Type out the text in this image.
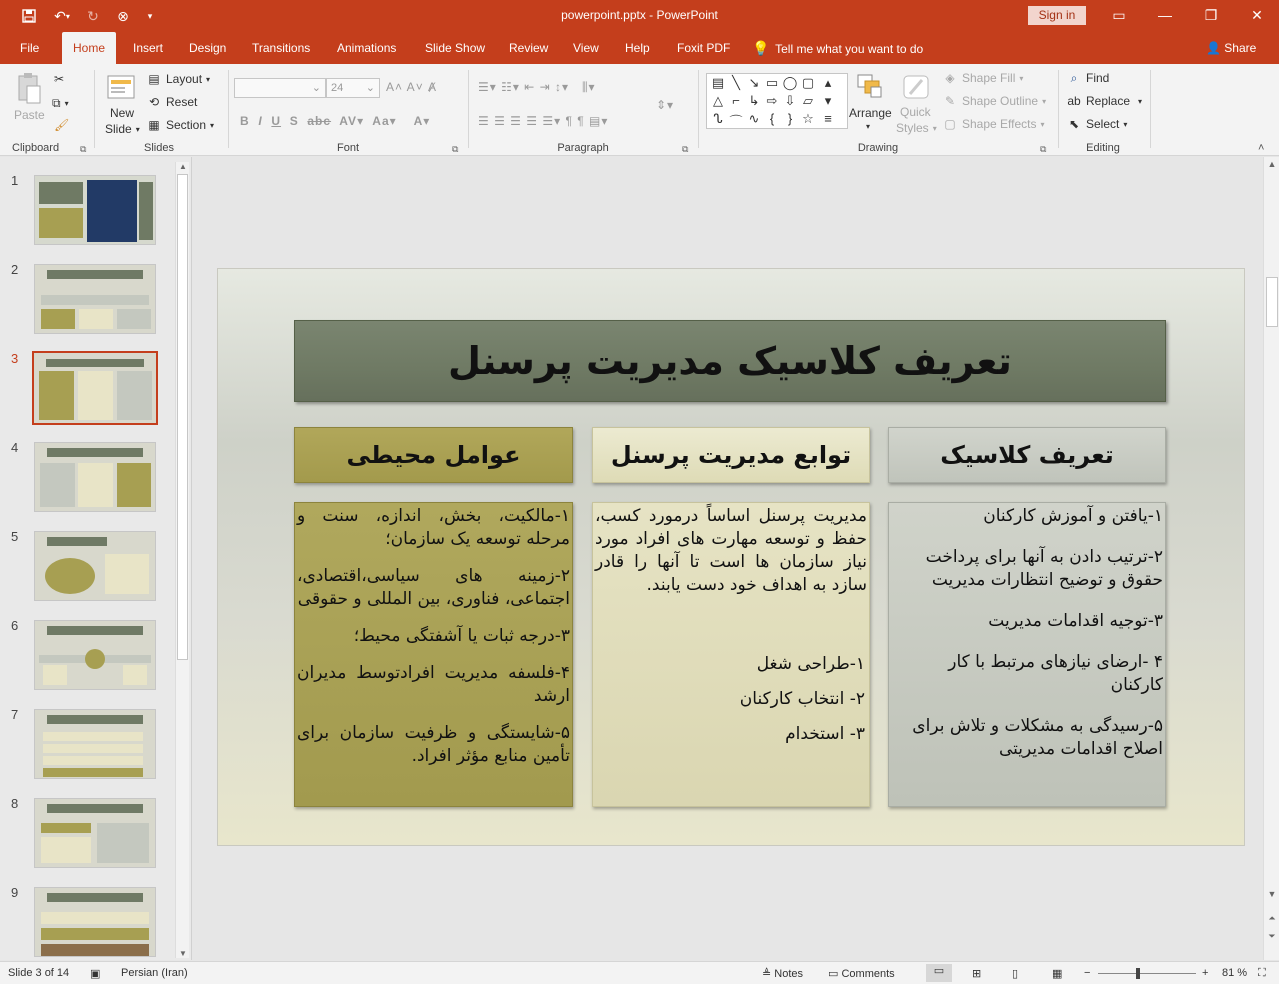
↶ ▾ ↻	⊗	▾	powerpoint.pptx - PowerPoint	Sign in	▭	—	❐	✕
File	Home	Insert Design Transitions Animations Slide Show Review View Help Foxit PDF 💡 Tell me what you want to do	👤 Share
Paste
✂
⧉ ▾
🖌
Clipboard	⧉
New
Slide ▾
▤ Layout ▾
⟲ Reset
▦ Section ▾
Slides
⌄ 24 ⌄ A˄ A˅ Ⱥ
B  I U  S  abc  AV▾  Aa▾    A▾
Font	⧉
☰▾ ☷▾ ⇤ ⇥ ↕▾   ⫼▾
☰ ☰ ☰ ☰ ☰▾ ¶ ¶ ▤▾
⇕▾
Paragraph	⧉	Drawing	⧉
▤ ╲ ↘ ▭ ◯ ▢ ▴
△ ⌐ ↳ ⇨ ⇩ ▱ ▾
ᔐ ⌒ ∿ {	} ☆ ≡	Arrange
▾
Quick
Styles ▾
◈ Shape Fill ▾
✎ Shape Outline ▾
▢ Shape Effects ▾
⌕ Find
ab Replace ▾
⬉ Select ▾
Editing	˄
1
2
3
4
5
6
7
8
9
▲
▼
تعریف کلاسیک مدیریت پرسنل
عوامل محیطی	توابع مدیریت پرسنل	تعریف کلاسیک

۱-مالکیت، بخش، اندازه، سنت و مرحله توسعه یک سازمان؛

۲-زمینه های سیاسی،اقتصادی، اجتماعی، فناوری، بین المللی و حقوقی

۳-درجه ثبات یا آشفتگی محیط؛

۴-فلسفه مدیریت افرادتوسط مدیران ارشد

۵-شایستگی و ظرفیت سازمان برای تأمین منابع مؤثر افراد.

مدیریت پرسنل اساساً درمورد کسب، حفظ و توسعه مهارت های افراد مورد نیاز سازمان ها است تا آنها را قادر سازد به اهداف خود دست یابند.

۱-طراحی شغل

۲- انتخاب کارکنان

۳- استخدام

۱-یافتن و آموزش کارکنان

۲-ترتیب دادن به آنها برای پرداخت حقوق و توضیح انتظارات مدیریت

۳-توجیه اقدامات مدیریت

۴ -ارضای نیازهای مرتبط با کار کارکنان

۵-رسیدگی به مشکلات و تلاش برای اصلاح اقدامات مدیریتی

▲
▼
⏶
⏷
Slide 3 of 14 ▣ Persian (Iran)	≜ Notes ▭ Comments	▭	⊞	▯	▦ −	+ 81 % ⛶
